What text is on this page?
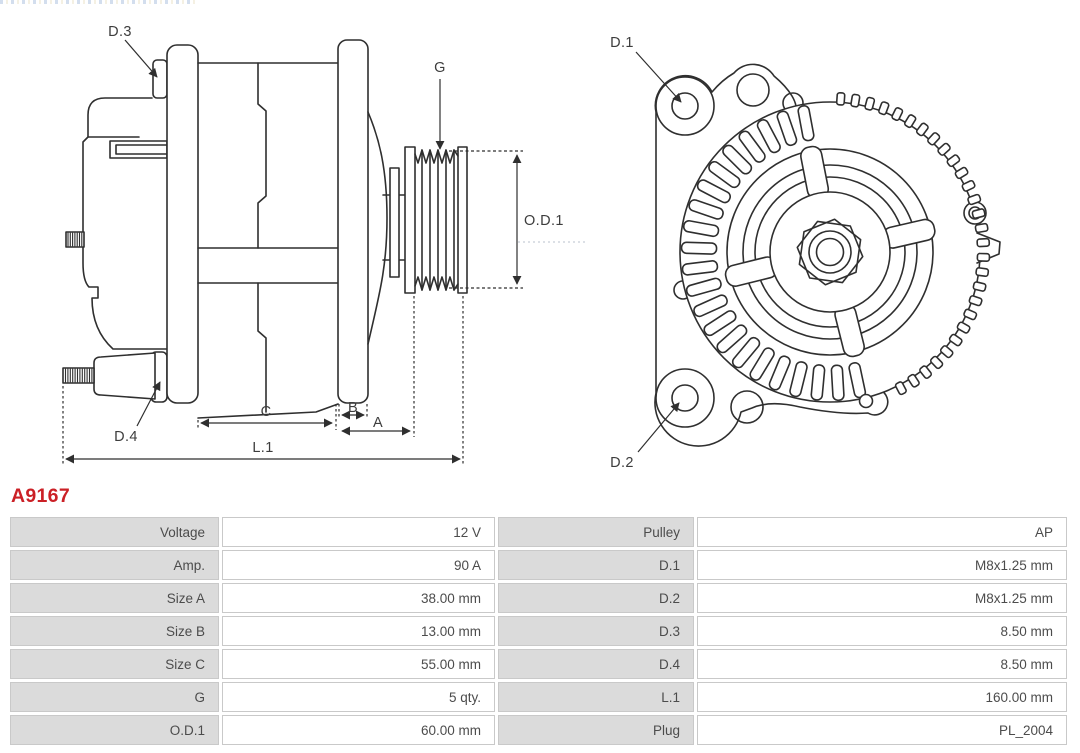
D.3
G
O.D.1
D.4
C	B
A
L.1
D.1
D.2
A9167
Voltage	12 V	Pulley	AP
Amp.	90 A	D.1	M8x1.25 mm
Size A	38.00 mm	D.2	M8x1.25 mm
Size B	13.00 mm	D.3	8.50 mm
Size C	55.00 mm	D.4	8.50 mm
G	5 qty.	L.1	160.00 mm
O.D.1	60.00 mm	Plug	PL_2004
